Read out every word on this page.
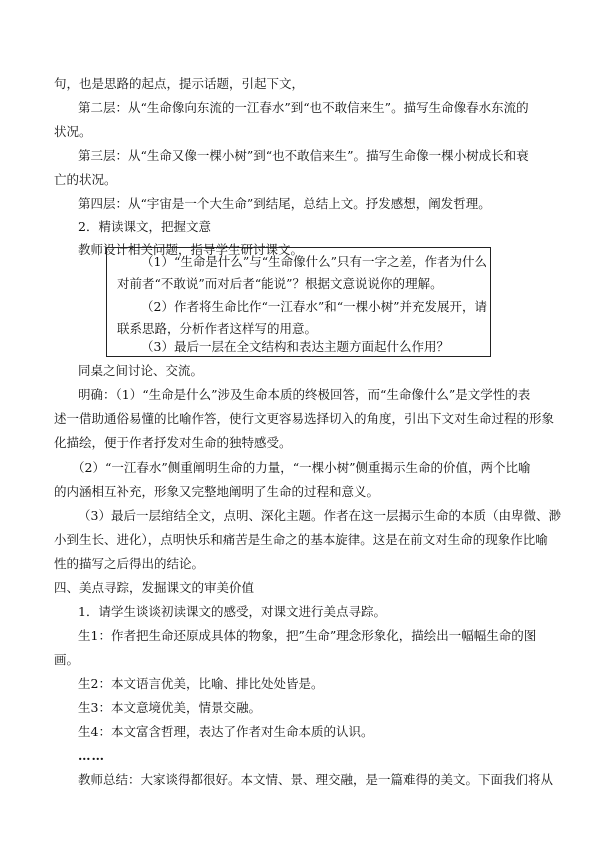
句，也是思路的起点，提示话题，引起下文，
第二层：从“生命像向东流的一江春水”到“也不敢信来生”。描写生命像春水东流的
状况。
第三层：从“生命又像一棵小树”到“也不敢信来生”。描写生命像一棵小树成长和衰
亡的状况。
第四层：从“宇宙是一个大生命”到结尾，总结上文。抒发感想，阐发哲理。
2．精读课文，把握文意
教师设计相关问题，指导学生研讨课文。
（1）“生命是什么”与“生命像什么”只有一字之差，作者为什么
对前者“不敢说”而对后者“能说”？根据文意说说你的理解。
（2）作者将生命比作“一江春水”和“一棵小树”并充发展开，请
联系思路，分析作者这样写的用意。
（3）最后一层在全文结构和表达主题方面起什么作用？
同桌之间讨论、交流。
明确：（1）“生命是什么”涉及生命本质的终极回答，而“生命像什么”是文学性的表
述一借助通俗易懂的比喻作答，使行文更容易选择切入的角度，引出下文对生命过程的形象
化描绘，便于作者抒发对生命的独特感受。
（2）“一江春水”侧重阐明生命的力量，“一棵小树”侧重揭示生命的价值，两个比喻
的内涵相互补充，形象又完整地阐明了生命的过程和意义。
（3）最后一层绾结全文，点明、深化主题。作者在这一层揭示生命的本质（由卑微、渺
小到生长、进化），点明快乐和痛苦是生命之的基本旋律。这是在前文对生命的现象作比喻
性的描写之后得出的结论。
四、美点寻踪，发掘课文的审美价值
1．请学生谈谈初读课文的感受，对课文进行美点寻踪。
生1：作者把生命还原成具体的物象，把”生命”理念形象化，描绘出一幅幅生命的图
画。
生2：本文语言优美，比喻、排比处处皆是。
生3：本文意境优美，情景交融。
生4：本文富含哲理，表达了作者对生命本质的认识。
……
教师总结：大家谈得都很好。本文情、景、理交融，是一篇难得的美文。下面我们将从
